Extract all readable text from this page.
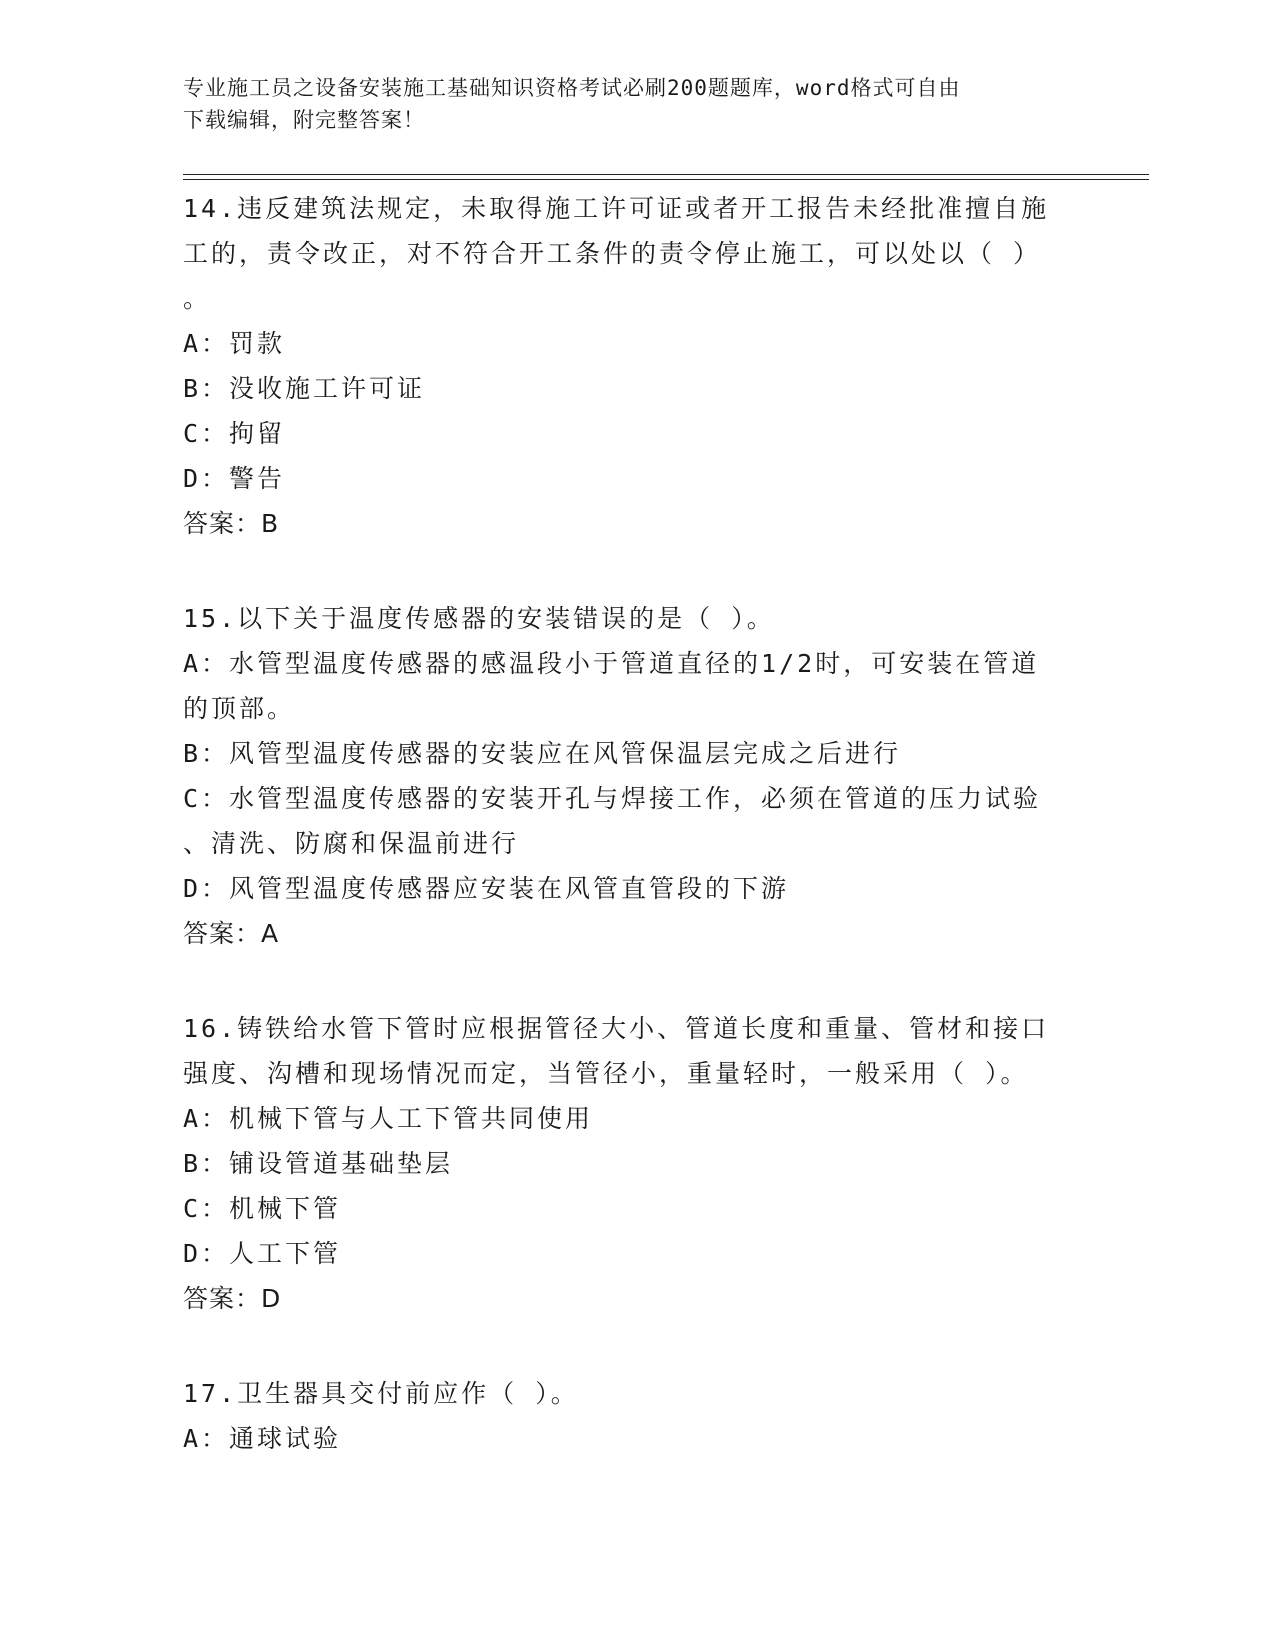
专业施工员之设备安装施工基础知识资格考试必刷200题题库，word格式可自由
下载编辑，附完整答案！
14.违反建筑法规定，未取得施工许可证或者开工报告未经批准擅自施
工的，责令改正，对不符合开工条件的责令停止施工，可以处以（ ）
。
A：罚款
B：没收施工许可证
C：拘留
D：警告
答案：B
15.以下关于温度传感器的安装错误的是（ ）。
A：水管型温度传感器的感温段小于管道直径的1/2时，可安装在管道
的顶部。
B：风管型温度传感器的安装应在风管保温层完成之后进行
C：水管型温度传感器的安装开孔与焊接工作，必须在管道的压力试验
、清洗、防腐和保温前进行
D：风管型温度传感器应安装在风管直管段的下游
答案：A
16.铸铁给水管下管时应根据管径大小、管道长度和重量、管材和接口
强度、沟槽和现场情况而定，当管径小，重量轻时，一般采用（ ）。
A：机械下管与人工下管共同使用
B：铺设管道基础垫层
C：机械下管
D：人工下管
答案：D
17.卫生器具交付前应作（ ）。
A：通球试验
